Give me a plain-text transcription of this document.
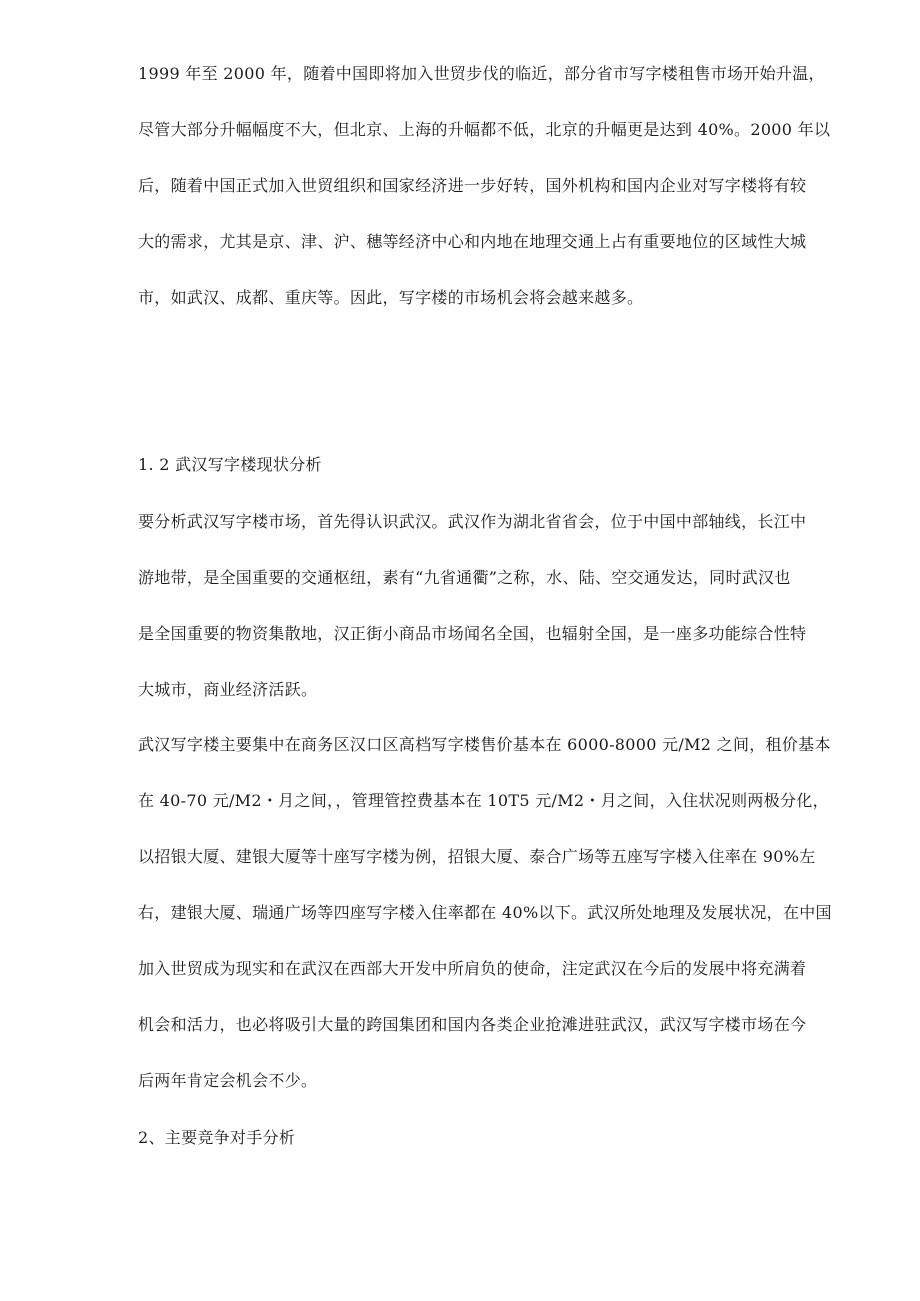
1999 年至 2000 年，随着中国即将加入世贸步伐的临近，部分省市写字楼租售市场开始升温，
尽管大部分升幅幅度不大，但北京、上海的升幅都不低，北京的升幅更是达到 40%。2000 年以
后，随着中国正式加入世贸组织和国家经济进一步好转，国外机构和国内企业对写字楼将有较
大的需求，尤其是京、津、沪、穗等经济中心和内地在地理交通上占有重要地位的区域性大城
市，如武汉、成都、重庆等。因此，写字楼的市场机会将会越来越多。
1. 2 武汉写字楼现状分析
要分析武汉写字楼市场，首先得认识武汉。武汉作为湖北省省会，位于中国中部轴线，长江中
游地带，是全国重要的交通枢纽，素有“九省通衢”之称，水、陆、空交通发达，同时武汉也
是全国重要的物资集散地，汉正街小商品市场闻名全国，也辐射全国，是一座多功能综合性特
大城市，商业经济活跃。
武汉写字楼主要集中在商务区汉口区高档写字楼售价基本在 6000-8000 元/M2 之间，租价基本
在 40-70 元/M2・月之间，，管理管控费基本在 10T5 元/M2・月之间，入住状况则两极分化，
以招银大厦、建银大厦等十座写字楼为例，招银大厦、泰合广场等五座写字楼入住率在 90%左
右，建银大厦、瑞通广场等四座写字楼入住率都在 40%以下。武汉所处地理及发展状况，在中国
加入世贸成为现实和在武汉在西部大开发中所肩负的使命，注定武汉在今后的发展中将充满着
机会和活力，也必将吸引大量的跨国集团和国内各类企业抢滩进驻武汉，武汉写字楼市场在今
后两年肯定会机会不少。
2、主要竞争对手分析
